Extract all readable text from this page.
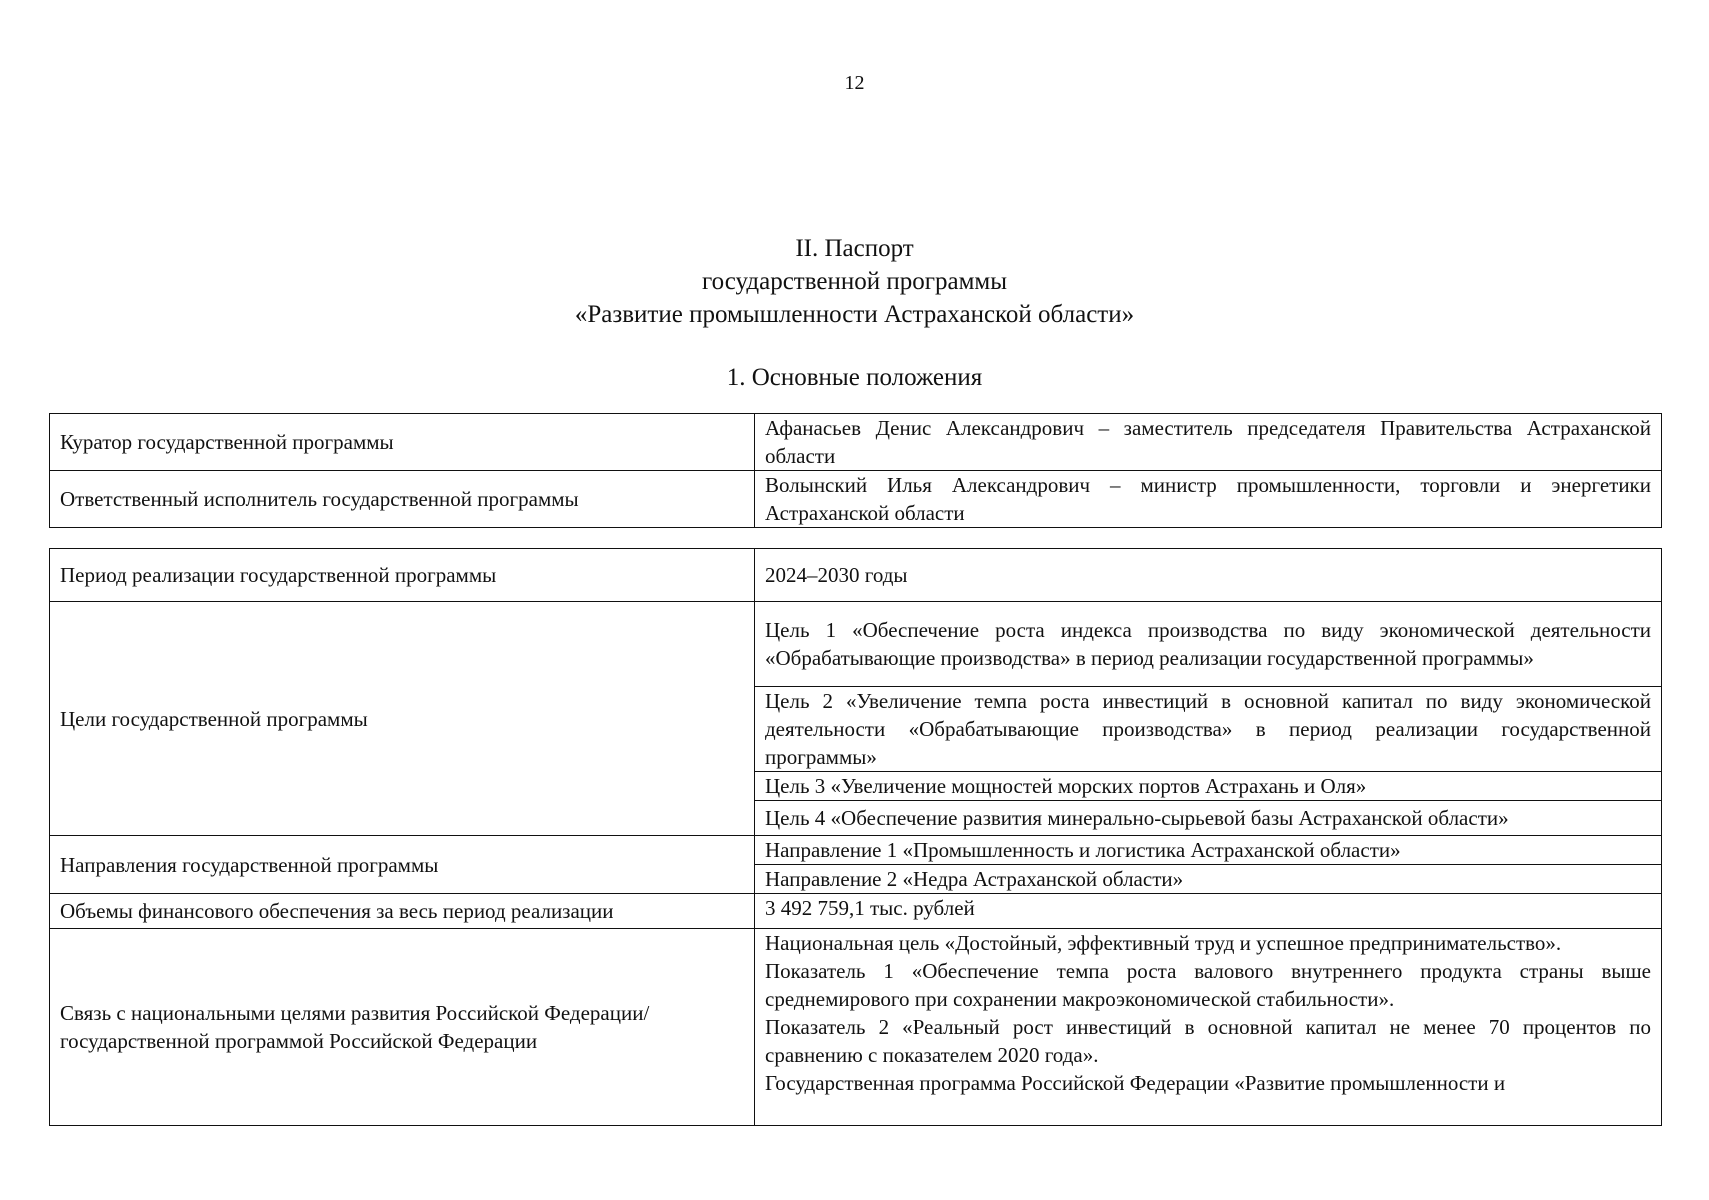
12
II. Паспорт
государственной программы
«Развитие промышленности Астраханской области»
1. Основные положения
Куратор государственной программы	Афанасьев Денис Александрович – заместитель председателя Правительства Астраханской области
Ответственный исполнитель государственной программы	Волынский Илья Александрович – министр промышленности, торговли и энергетики Астраханской области
Период реализации государственной программы	2024–2030 годы
Цели государственной программы	Цель 1 «Обеспечение роста индекса производства по виду экономической деятельности «Обрабатывающие производства» в период реализации государственной программы»
	Цель 2 «Увеличение темпа роста инвестиций в основной капитал по виду экономической деятельности «Обрабатывающие производства» в период реализации государственной программы»
	Цель 3 «Увеличение мощностей морских портов Астрахань и Оля»
	Цель 4 «Обеспечение развития минерально-сырьевой базы Астраханской области»
Направления государственной программы	Направление 1 «Промышленность и логистика Астраханской области»
	Направление 2 «Недра Астраханской области»
Объемы финансового обеспечения за весь период реализации	3 492 759,1 тыс. рублей
Связь с национальными целями развития Российской Федерации/ государственной программой Российской Федерации	Национальная цель «Достойный, эффективный труд и успешное предпринимательство».
Показатель 1 «Обеспечение темпа роста валового внутреннего продукта страны выше среднемирового при сохранении макроэкономической стабильности».
Показатель 2 «Реальный рост инвестиций в основной капитал не менее 70 процентов по сравнению с показателем 2020 года».
Государственная программа Российской Федерации «Развитие промышленности и
